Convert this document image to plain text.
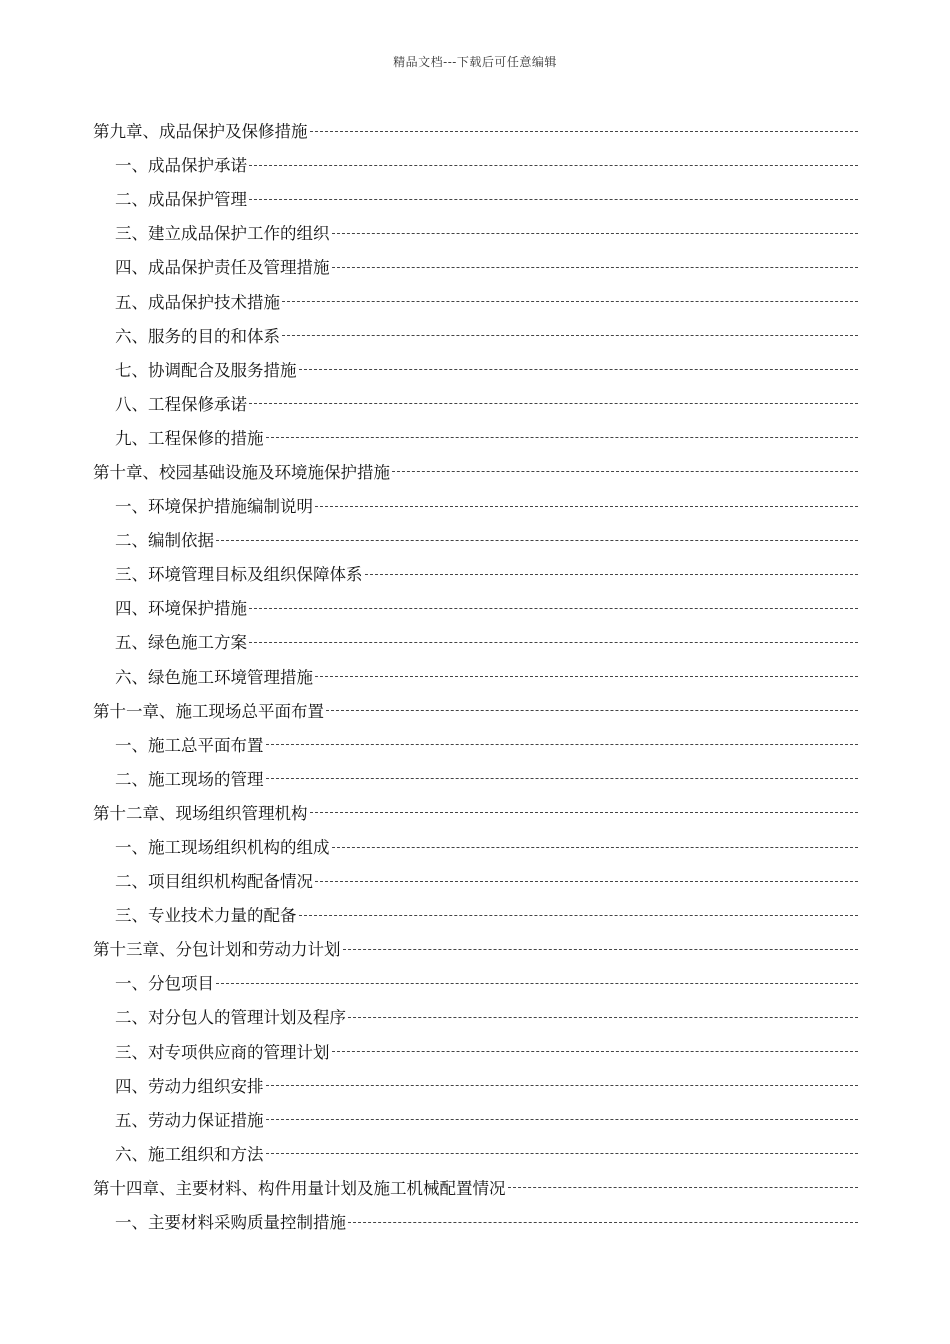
精品文档---下载后可任意编辑
第九章、成品保护及保修措施
一、成品保护承诺
二、成品保护管理
三、建立成品保护工作的组织
四、成品保护责任及管理措施
五、成品保护技术措施
六、服务的目的和体系
七、协调配合及服务措施
八、工程保修承诺
九、工程保修的措施
第十章、校园基础设施及环境施保护措施
一、环境保护措施编制说明
二、编制依据
三、环境管理目标及组织保障体系
四、环境保护措施
五、绿色施工方案
六、绿色施工环境管理措施
第十一章、施工现场总平面布置
一、施工总平面布置
二、施工现场的管理
第十二章、现场组织管理机构
一、施工现场组织机构的组成
二、项目组织机构配备情况
三、专业技术力量的配备
第十三章、分包计划和劳动力计划
一、分包项目
二、对分包人的管理计划及程序
三、对专项供应商的管理计划
四、劳动力组织安排
五、劳动力保证措施
六、施工组织和方法
第十四章、主要材料、构件用量计划及施工机械配置情况
一、主要材料采购质量控制措施
